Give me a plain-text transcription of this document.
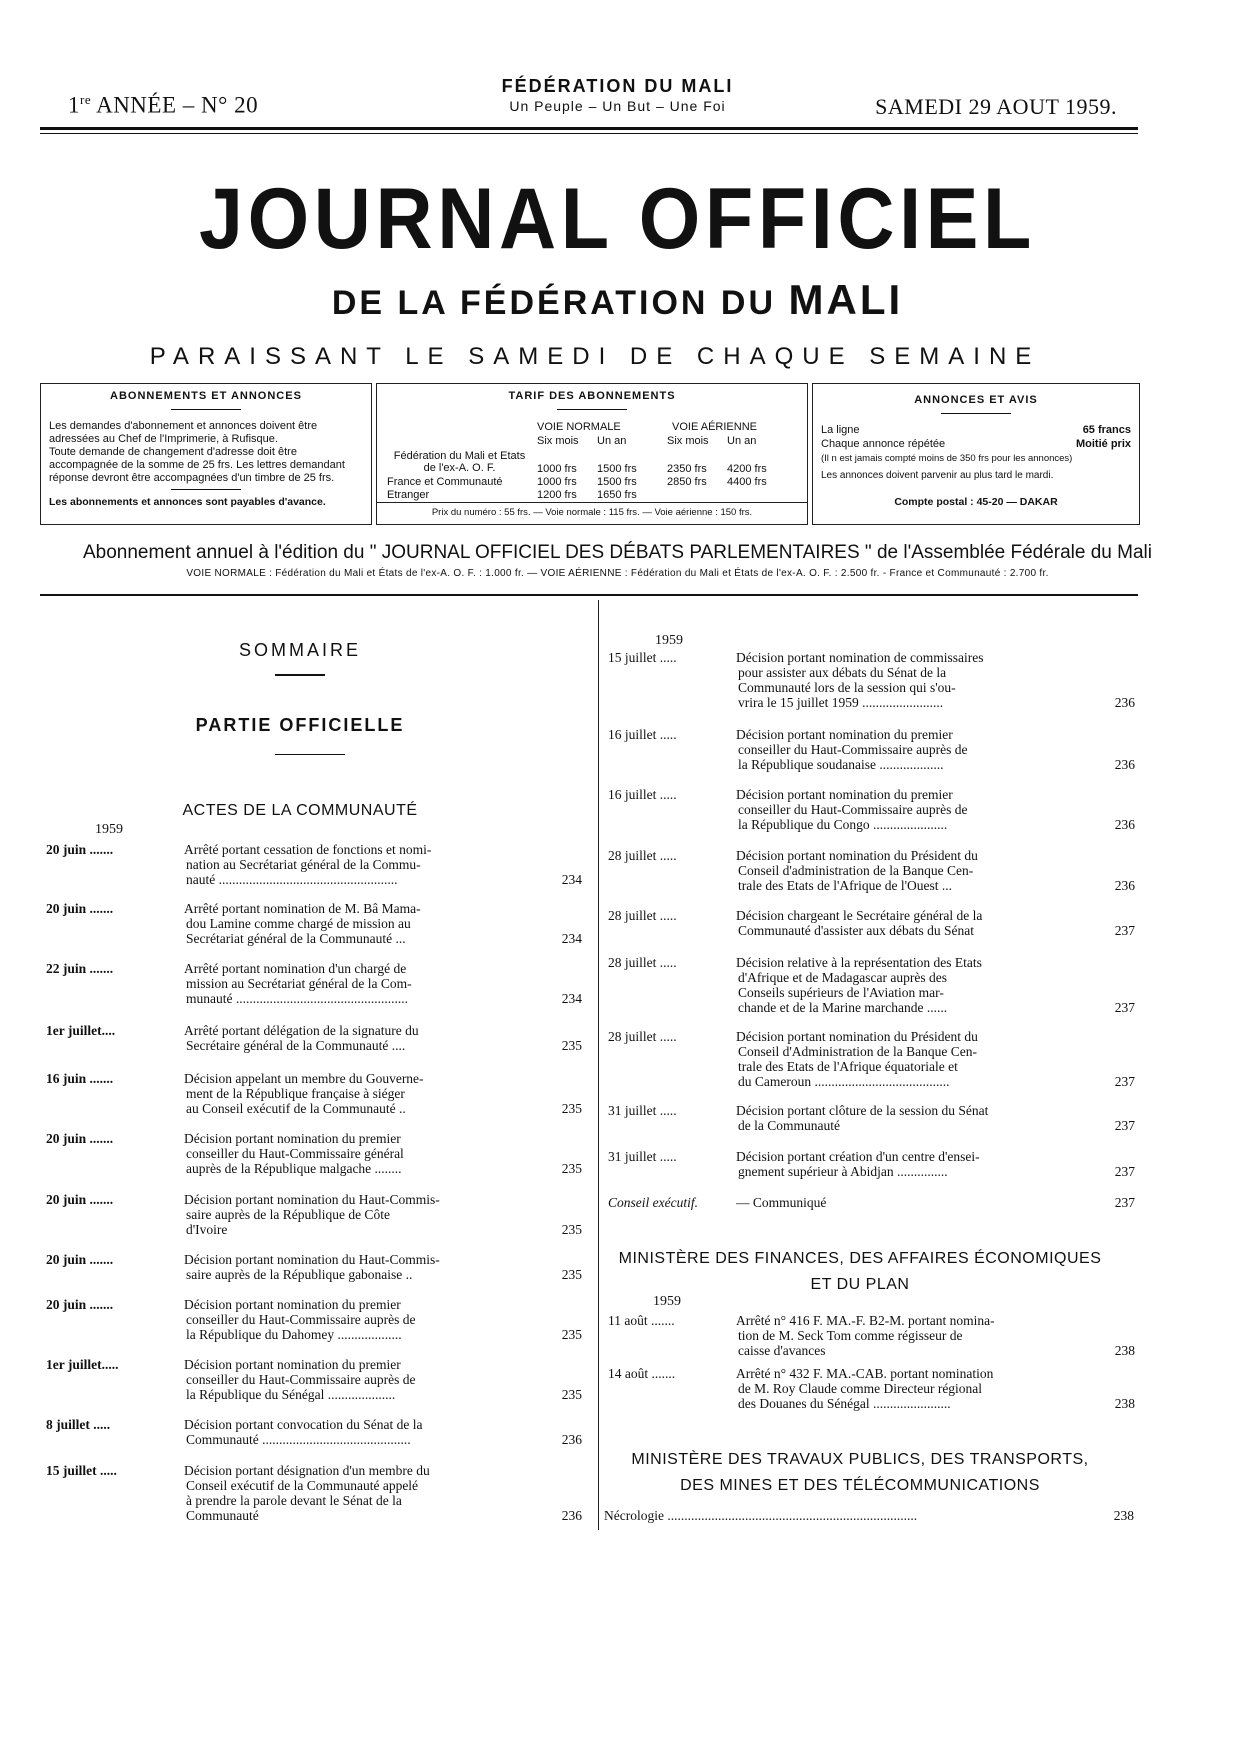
1re ANNÉE – N° 20
FÉDÉRATION DU MALI
Un Peuple – Un But – Une Foi	SAMEDI 29 AOUT 1959.
JOURNAL OFFICIEL
DE LA FÉDÉRATION DU MALI
PARAISSANT LE SAMEDI DE CHAQUE SEMAINE
ABONNEMENTS ET ANNONCES
Les demandes d'abonnement et annonces doivent être adressées au Chef de l'Imprimerie, à Rufisque.
Toute demande de changement d'adresse doit être accompagnée de la somme de 25 frs. Les lettres demandant réponse devront être accompagnées d'un timbre de 25 frs.
Les abonnements et annonces sont payables d'avance.
TARIF DES ABONNEMENTS
VOIE NORMALE	VOIE AÉRIENNE
Six mois Un an	Six mois Un an
Fédération du Mali et Etats de l'ex-A. O. F.	1000 frs 1500 frs	2350 frs 4200 frs
France et Communauté	1000 frs 1500 frs	2850 frs 4400 frs
Etranger	1200 frs 1650 frs
Prix du numéro : 55 frs. — Voie normale : 115 frs. — Voie aérienne : 150 frs.
ANNONCES ET AVIS
La ligne	65 francs
Chaque annonce répétée	Moitié prix
(Il n est jamais compté moins de 350 frs pour les annonces)
Les annonces doivent parvenir au plus tard le mardi.
Compte postal : 45-20 — DAKAR
Abonnement annuel à l'édition du " JOURNAL OFFICIEL DES DÉBATS PARLEMENTAIRES " de l'Assemblée Fédérale du Mali
VOIE NORMALE : Fédération du Mali et États de l'ex-A. O. F. : 1.000 fr. — VOIE AÉRIENNE : Fédération du Mali et États de l'ex-A. O. F. : 2.500 fr. - France et Communauté : 2.700 fr.
SOMMAIRE
PARTIE OFFICIELLE
ACTES DE LA COMMUNAUTÉ
1959
20 juin .......	Arrêté portant cessation de fonctions et nomi-
nation au Secrétariat général de la Commu-
nauté .....................................................	234
20 juin .......	Arrêté portant nomination de M. Bâ Mama-
dou Lamine comme chargé de mission au
Secrétariat général de la Communauté ...	234
22 juin .......	Arrêté portant nomination d'un chargé de
mission au Secrétariat général de la Com-
munauté ...................................................	234
1er juillet....	Arrêté portant délégation de la signature du
Secrétaire général de la Communauté ....	235
16 juin .......	Décision appelant un membre du Gouverne-
ment de la République française à siéger
au Conseil exécutif de la Communauté ..	235
20 juin .......	Décision portant nomination du premier
conseiller du Haut-Commissaire général
auprès de la République malgache ........	235
20 juin .......	Décision portant nomination du Haut-Commis-
saire auprès de la République de Côte
d'Ivoire	235
20 juin .......	Décision portant nomination du Haut-Commis-
saire auprès de la République gabonaise ..	235
20 juin .......	Décision portant nomination du premier
conseiller du Haut-Commissaire auprès de
la République du Dahomey ...................	235
1er juillet.....	Décision portant nomination du premier
conseiller du Haut-Commissaire auprès de
la République du Sénégal ....................	235
8 juillet .....	Décision portant convocation du Sénat de la
Communauté ............................................	236
15 juillet .....	Décision portant désignation d'un membre du
Conseil exécutif de la Communauté appelé
à prendre la parole devant le Sénat de la
Communauté	236
1959
15 juillet .....	Décision portant nomination de commissaires
pour assister aux débats du Sénat de la
Communauté lors de la session qui s'ou-
vrira le 15 juillet 1959 ........................	236
16 juillet .....	Décision portant nomination du premier
conseiller du Haut-Commissaire auprès de
la République soudanaise ...................	236
16 juillet .....	Décision portant nomination du premier
conseiller du Haut-Commissaire auprès de
la République du Congo ......................	236
28 juillet .....	Décision portant nomination du Président du
Conseil d'administration de la Banque Cen-
trale des Etats de l'Afrique de l'Ouest ...	236
28 juillet .....	Décision chargeant le Secrétaire général de la
Communauté d'assister aux débats du Sénat	237
28 juillet .....	Décision relative à la représentation des Etats
d'Afrique et de Madagascar auprès des
Conseils supérieurs de l'Aviation mar-
chande et de la Marine marchande ......	237
28 juillet .....	Décision portant nomination du Président du
Conseil d'Administration de la Banque Cen-
trale des Etats de l'Afrique équatoriale et
du Cameroun ........................................	237
31 juillet .....	Décision portant clôture de la session du Sénat
de la Communauté	237
31 juillet .....	Décision portant création d'un centre d'ensei-
gnement supérieur à Abidjan ...............	237
Conseil exécutif.	— Communiqué	237
MINISTÈRE DES FINANCES, DES AFFAIRES ÉCONOMIQUES
ET DU PLAN
1959
11 août .......	Arrêté n° 416 F. MA.-F. B2-M. portant nomina-
tion de M. Seck Tom comme régisseur de
caisse d'avances	238
14 août .......	Arrêté n° 432 F. MA.-CAB. portant nomination
de M. Roy Claude comme Directeur régional
des Douanes du Sénégal .......................	238
MINISTÈRE DES TRAVAUX PUBLICS, DES TRANSPORTS,
DES MINES ET DES TÉLÉCOMMUNICATIONS
Nécrologie ..........................................................................	238
